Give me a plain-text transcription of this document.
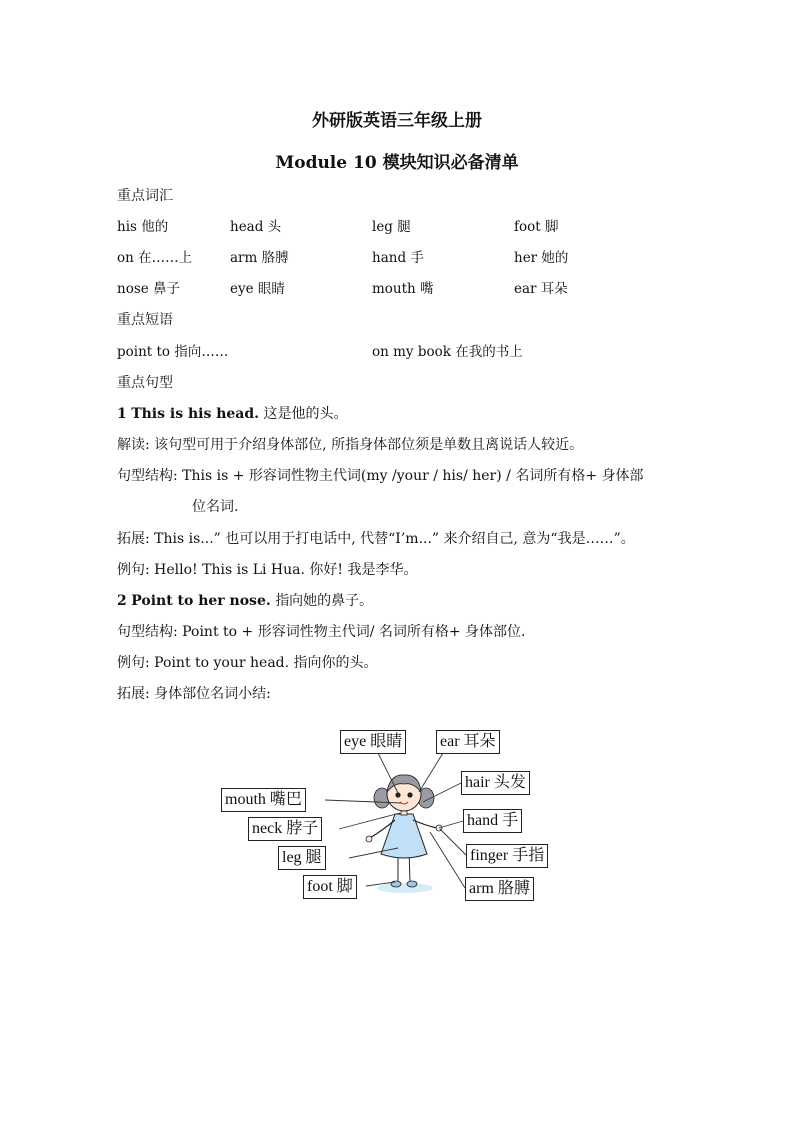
外研版英语三年级上册
Module 10 模块知识必备清单
重点词汇
his 他的	head 头	leg 腿	foot 脚
on 在……上	arm 胳膊	hand 手	her 她的
nose 鼻子	eye 眼睛	mouth 嘴	ear 耳朵
重点短语
point to 指向……	on my book 在我的书上
重点句型
1 This is his head. 这是他的头。
解读: 该句型可用于介绍身体部位, 所指身体部位须是单数且离说话人较近。
句型结构: This is + 形容词性物主代词(my /your / his/ her) / 名词所有格+ 身体部
位名词.
拓展: This is...” 也可以用于打电话中, 代替“I’m...” 来介绍自己, 意为“我是……”。
例句: Hello! This is Li Hua. 你好! 我是李华。
2 Point to her nose. 指向她的鼻子。
句型结构: Point to + 形容词性物主代词/ 名词所有格+ 身体部位.
例句: Point to your head. 指向你的头。
拓展: 身体部位名词小结:
eye 眼睛 ear 耳朵
hair 头发
mouth 嘴巴
neck 脖子	hand 手
leg 腿	finger 手指
foot 脚	arm 胳膊
